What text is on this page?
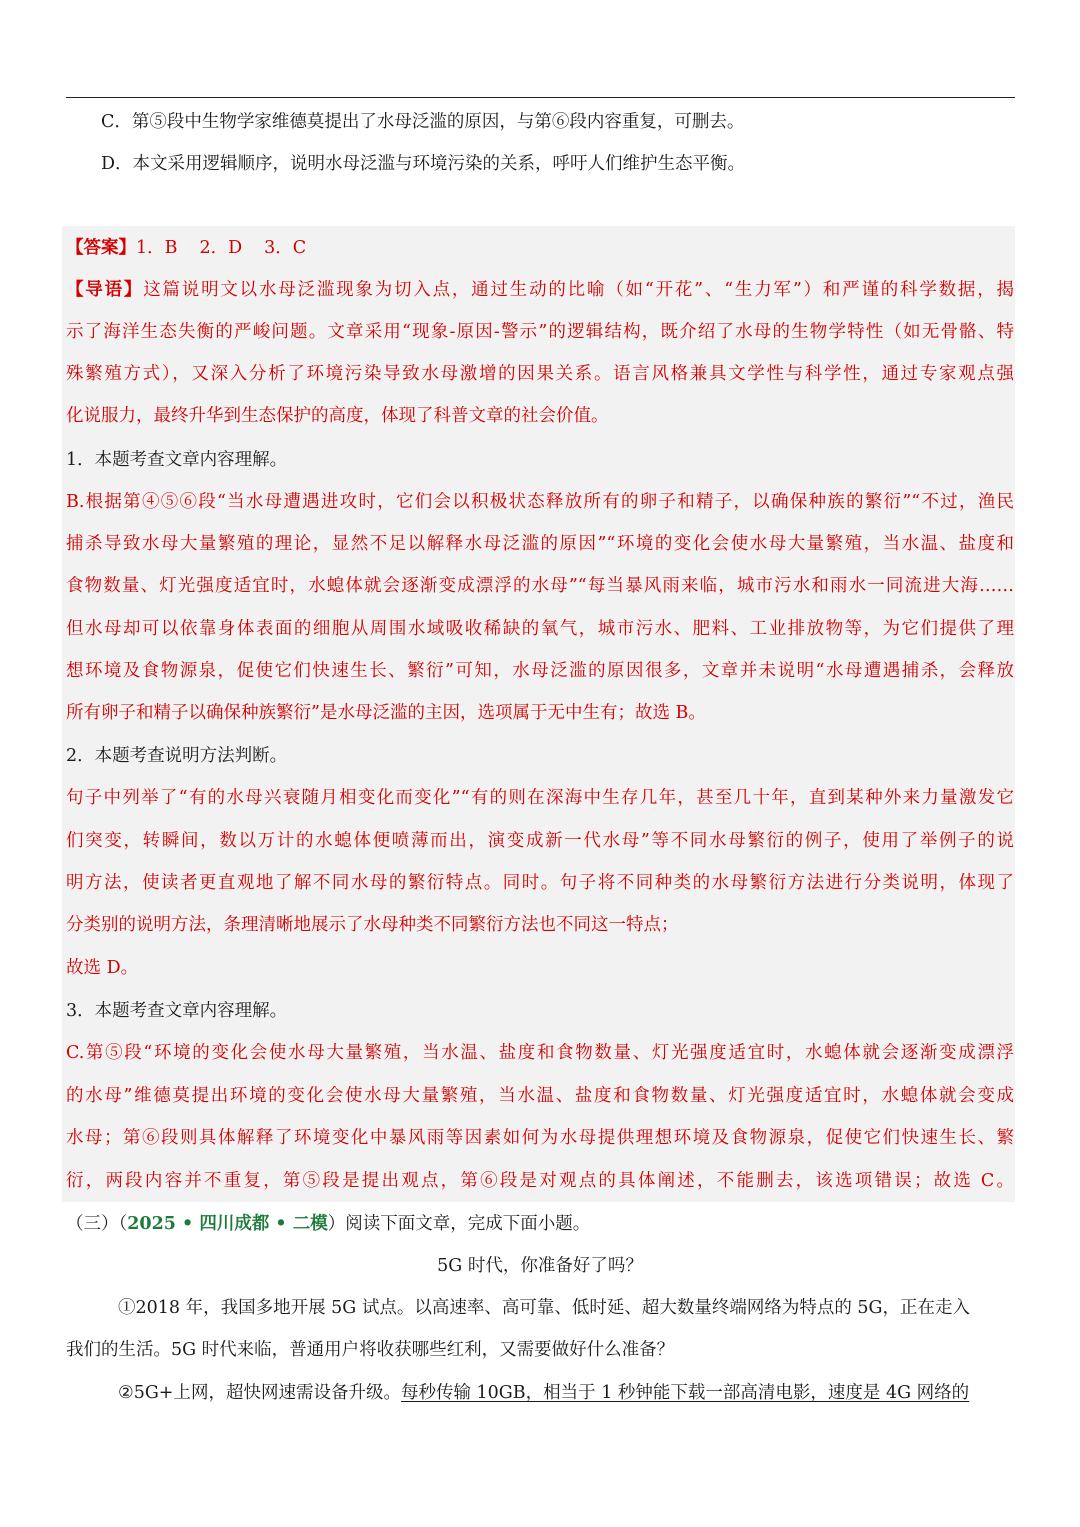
C．第⑤段中生物学家维德莫提出了水母泛滥的原因，与第⑥段内容重复，可删去。
D．本文采用逻辑顺序，说明水母泛滥与环境污染的关系，呼吁人们维护生态平衡。
【答案】1．B 2．D 3．C
【导语】这篇说明文以水母泛滥现象为切入点，通过生动的比喻（如“开花”、“生力军”）和严谨的科学数据，揭
示了海洋生态失衡的严峻问题。文章采用“现象-原因-警示”的逻辑结构，既介绍了水母的生物学特性（如无骨骼、特
殊繁殖方式），又深入分析了环境污染导致水母激增的因果关系。语言风格兼具文学性与科学性，通过专家观点强
化说服力，最终升华到生态保护的高度，体现了科普文章的社会价值。
1．本题考查文章内容理解。
B.根据第④⑤⑥段“当水母遭遇进攻时，它们会以积极状态释放所有的卵子和精子，以确保种族的繁衍”“不过，渔民
捕杀导致水母大量繁殖的理论，显然不足以解释水母泛滥的原因”“环境的变化会使水母大量繁殖，当水温、盐度和
食物数量、灯光强度适宜时，水螅体就会逐渐变成漂浮的水母”“每当暴风雨来临，城市污水和雨水一同流进大海……
但水母却可以依靠身体表面的细胞从周围水域吸收稀缺的氧气，城市污水、肥料、工业排放物等，为它们提供了理
想环境及食物源泉，促使它们快速生长、繁衍”可知，水母泛滥的原因很多，文章并未说明“水母遭遇捕杀，会释放
所有卵子和精子以确保种族繁衍”是水母泛滥的主因，选项属于无中生有；故选 B。
2．本题考查说明方法判断。
句子中列举了“有的水母兴衰随月相变化而变化”“有的则在深海中生存几年，甚至几十年，直到某种外来力量激发它
们突变，转瞬间，数以万计的水螅体便喷薄而出，演变成新一代水母”等不同水母繁衍的例子，使用了举例子的说
明方法，使读者更直观地了解不同水母的繁衍特点。同时。句子将不同种类的水母繁衍方法进行分类说明，体现了
分类别的说明方法，条理清晰地展示了水母种类不同繁衍方法也不同这一特点；
故选 D。
3．本题考查文章内容理解。
C.第⑤段“环境的变化会使水母大量繁殖，当水温、盐度和食物数量、灯光强度适宜时，水螅体就会逐渐变成漂浮
的水母”维德莫提出环境的变化会使水母大量繁殖，当水温、盐度和食物数量、灯光强度适宜时，水螅体就会变成
水母；第⑥段则具体解释了环境变化中暴风雨等因素如何为水母提供理想环境及食物源泉，促使它们快速生长、繁
衍，两段内容并不重复，第⑤段是提出观点，第⑥段是对观点的具体阐述，不能删去，该选项错误；故选 C。
（三）（2025 • 四川成都 • 二模）阅读下面文章，完成下面小题。
5G 时代，你准备好了吗？
①2018 年，我国多地开展 5G 试点。以高速率、高可靠、低时延、超大数量终端网络为特点的 5G，正在走入
我们的生活。5G 时代来临，普通用户将收获哪些红利，又需要做好什么准备？
②5G+上网，超快网速需设备升级。每秒传输 10GB，相当于 1 秒钟能下载一部高清电影，速度是 4G 网络的
